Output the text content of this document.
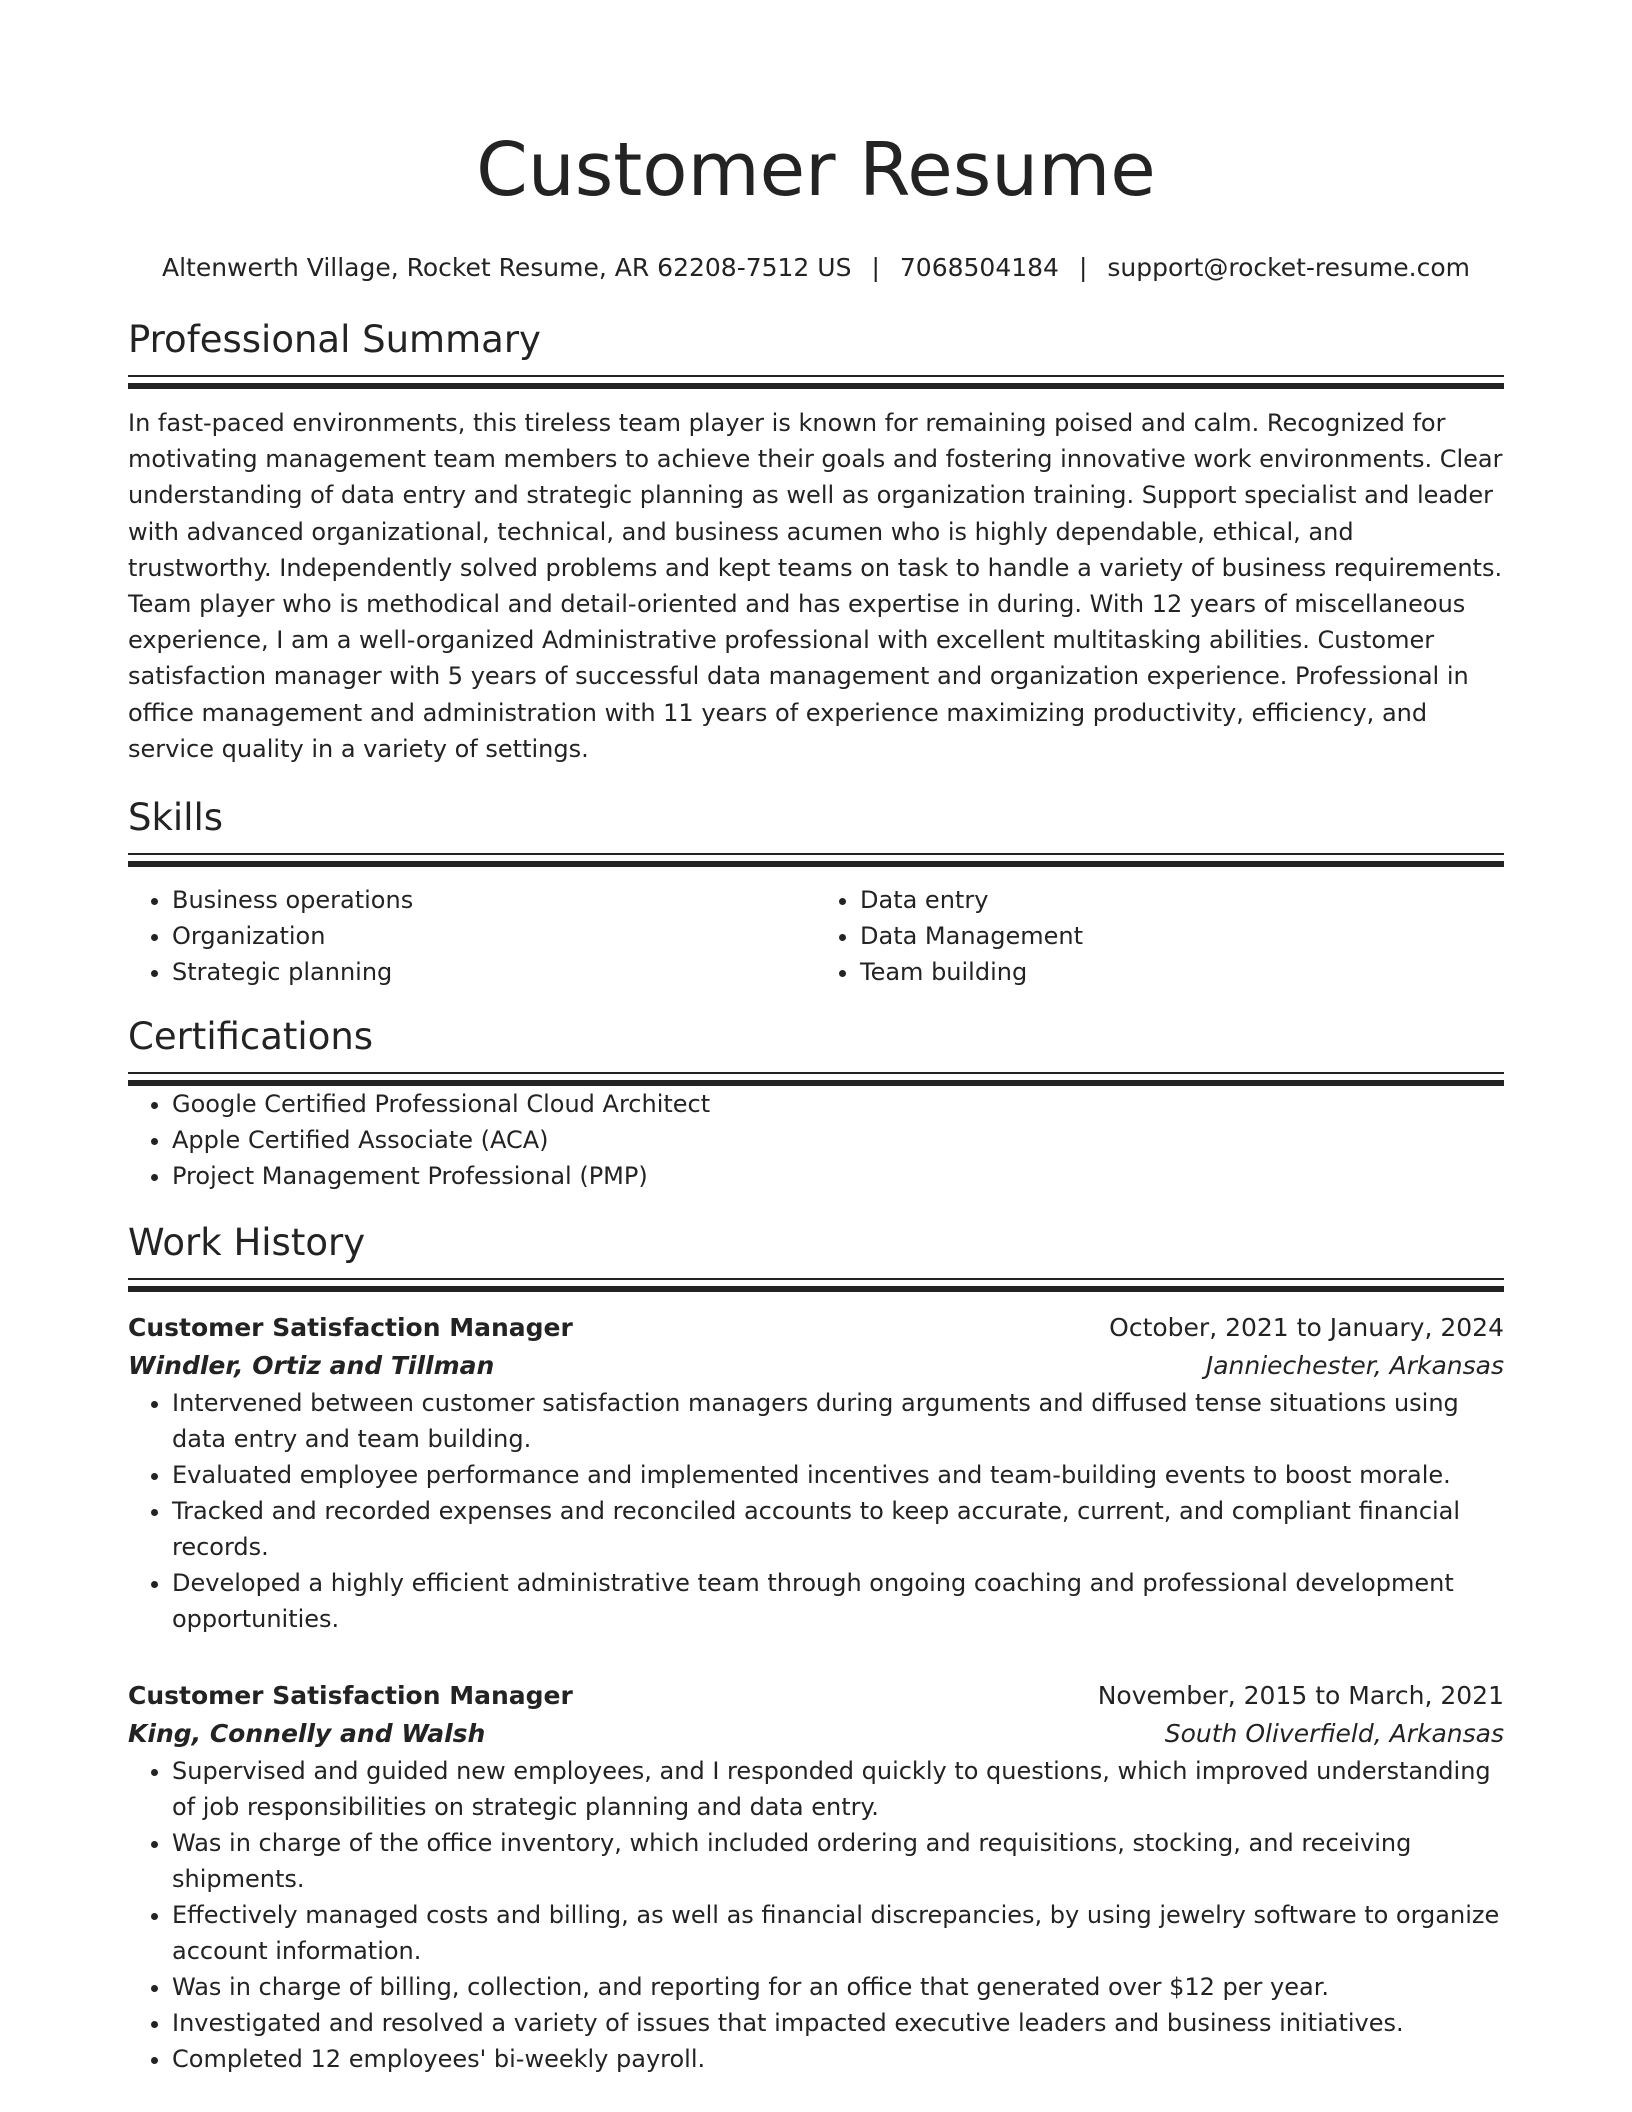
Customer Resume
Altenwerth Village, Rocket Resume, AR 62208-7512 US | 7068504184 | support@rocket-resume.com
Professional Summary

In fast-paced environments, this tireless team player is known for remaining poised and calm. Recognized for motivating management team members to achieve their goals and fostering innovative work environments. Clear understanding of data entry and strategic planning as well as organization training. Support specialist and leader with advanced organizational, technical, and business acumen who is highly dependable, ethical, and trustworthy. Independently solved problems and kept teams on task to handle a variety of business requirements. Team player who is methodical and detail-oriented and has expertise in during. With 12 years of miscellaneous experience, I am a well-organized Administrative professional with excellent multitasking abilities. Customer satisfaction manager with 5 years of successful data management and organization experience. Professional in office management and administration with 11 years of experience maximizing productivity, efficiency, and service quality in a variety of settings.

Skills
• Business operations
• Organization
• Strategic planning
• Data entry
• Data Management
• Team building
Certifications
• Google Certified Professional Cloud Architect
• Apple Certified Associate (ACA)
• Project Management Professional (PMP)
Work History
Customer Satisfaction Manager	October, 2021 to January, 2024
Windler, Ortiz and Tillman	Janniechester, Arkansas
• Intervened between customer satisfaction managers during arguments and diffused tense situations using data entry and team building.
• Evaluated employee performance and implemented incentives and team-building events to boost morale.
• Tracked and recorded expenses and reconciled accounts to keep accurate, current, and compliant financial records.
• Developed a highly efficient administrative team through ongoing coaching and professional development opportunities.
Customer Satisfaction Manager	November, 2015 to March, 2021
King, Connelly and Walsh	South Oliverfield, Arkansas
• Supervised and guided new employees, and I responded quickly to questions, which improved understanding of job responsibilities on strategic planning and data entry.
• Was in charge of the office inventory, which included ordering and requisitions, stocking, and receiving shipments.
• Effectively managed costs and billing, as well as financial discrepancies, by using jewelry software to organize account information.
• Was in charge of billing, collection, and reporting for an office that generated over $12 per year.
• Investigated and resolved a variety of issues that impacted executive leaders and business initiatives.
• Completed 12 employees' bi-weekly payroll.
